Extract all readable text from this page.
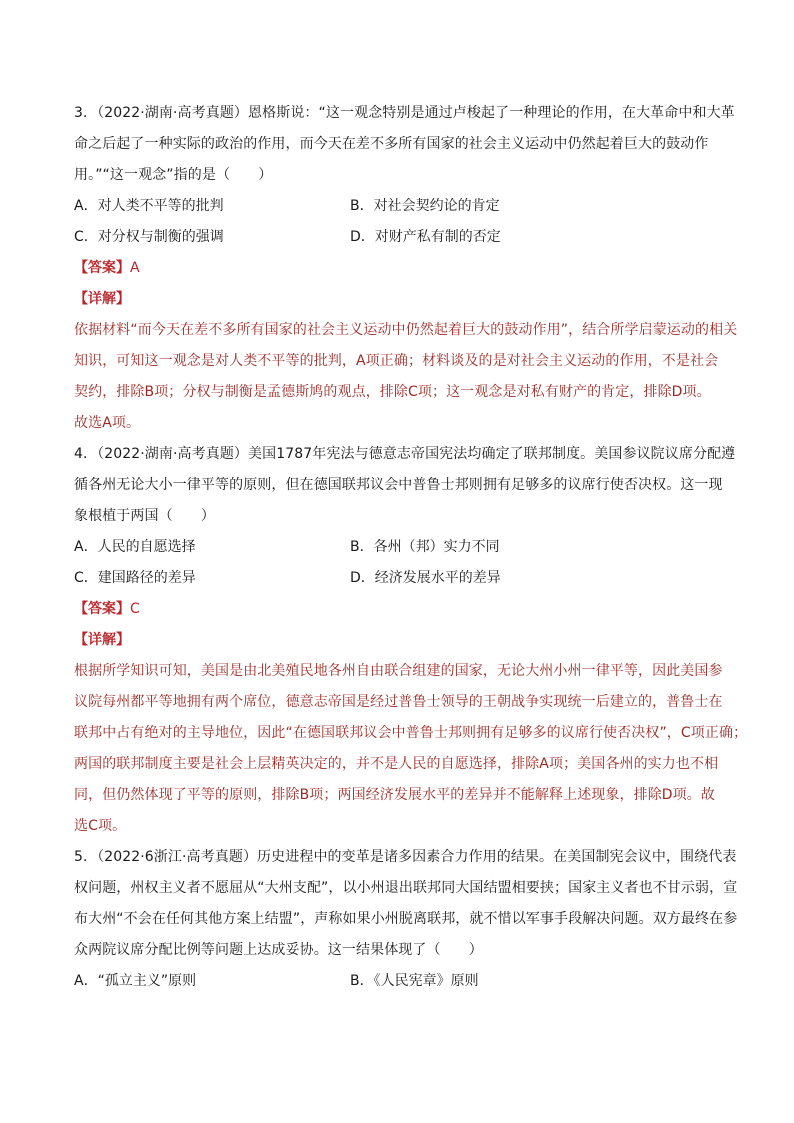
3．（2022·湖南·高考真题）恩格斯说：“这一观念特别是通过卢梭起了一种理论的作用，在大革命中和大革
命之后起了一种实际的政治的作用，而今天在差不多所有国家的社会主义运动中仍然起着巨大的鼓动作
用。”“这一观念”指的是（　　）
A．对人类不平等的批判	B．对社会契约论的肯定
C．对分权与制衡的强调	D．对财产私有制的否定
【答案】A
【详解】
依据材料“而今天在差不多所有国家的社会主义运动中仍然起着巨大的鼓动作用”，结合所学启蒙运动的相关
知识，可知这一观念是对人类不平等的批判，A项正确；材料谈及的是对社会主义运动的作用，不是社会
契约，排除B项；分权与制衡是孟德斯鸠的观点，排除C项；这一观念是对私有财产的肯定，排除D项。
故选A项。
4．（2022·湖南·高考真题）美国1787年宪法与德意志帝国宪法均确定了联邦制度。美国参议院议席分配遵
循各州无论大小一律平等的原则，但在德国联邦议会中普鲁士邦则拥有足够多的议席行使否决权。这一现
象根植于两国（　　）
A．人民的自愿选择	B．各州（邦）实力不同
C．建国路径的差异	D．经济发展水平的差异
【答案】C
【详解】
根据所学知识可知，美国是由北美殖民地各州自由联合组建的国家，无论大州小州一律平等，因此美国参
议院每州都平等地拥有两个席位，德意志帝国是经过普鲁士领导的王朝战争实现统一后建立的，普鲁士在
联邦中占有绝对的主导地位，因此“在德国联邦议会中普鲁士邦则拥有足够多的议席行使否决权”，C项正确；
两国的联邦制度主要是社会上层精英决定的，并不是人民的自愿选择，排除A项；美国各州的实力也不相
同，但仍然体现了平等的原则，排除B项；两国经济发展水平的差异并不能解释上述现象，排除D项。故
选C项。
5．（2022·6浙江·高考真题）历史进程中的变革是诸多因素合力作用的结果。在美国制宪会议中，围绕代表
权问题，州权主义者不愿屈从“大州支配”，以小州退出联邦同大国结盟相要挟；国家主义者也不甘示弱，宣
布大州“不会在任何其他方案上结盟”，声称如果小州脱离联邦，就不惜以军事手段解决问题。双方最终在参
众两院议席分配比例等问题上达成妥协。这一结果体现了（　　）
A．“孤立主义”原则	B．《人民宪章》原则
